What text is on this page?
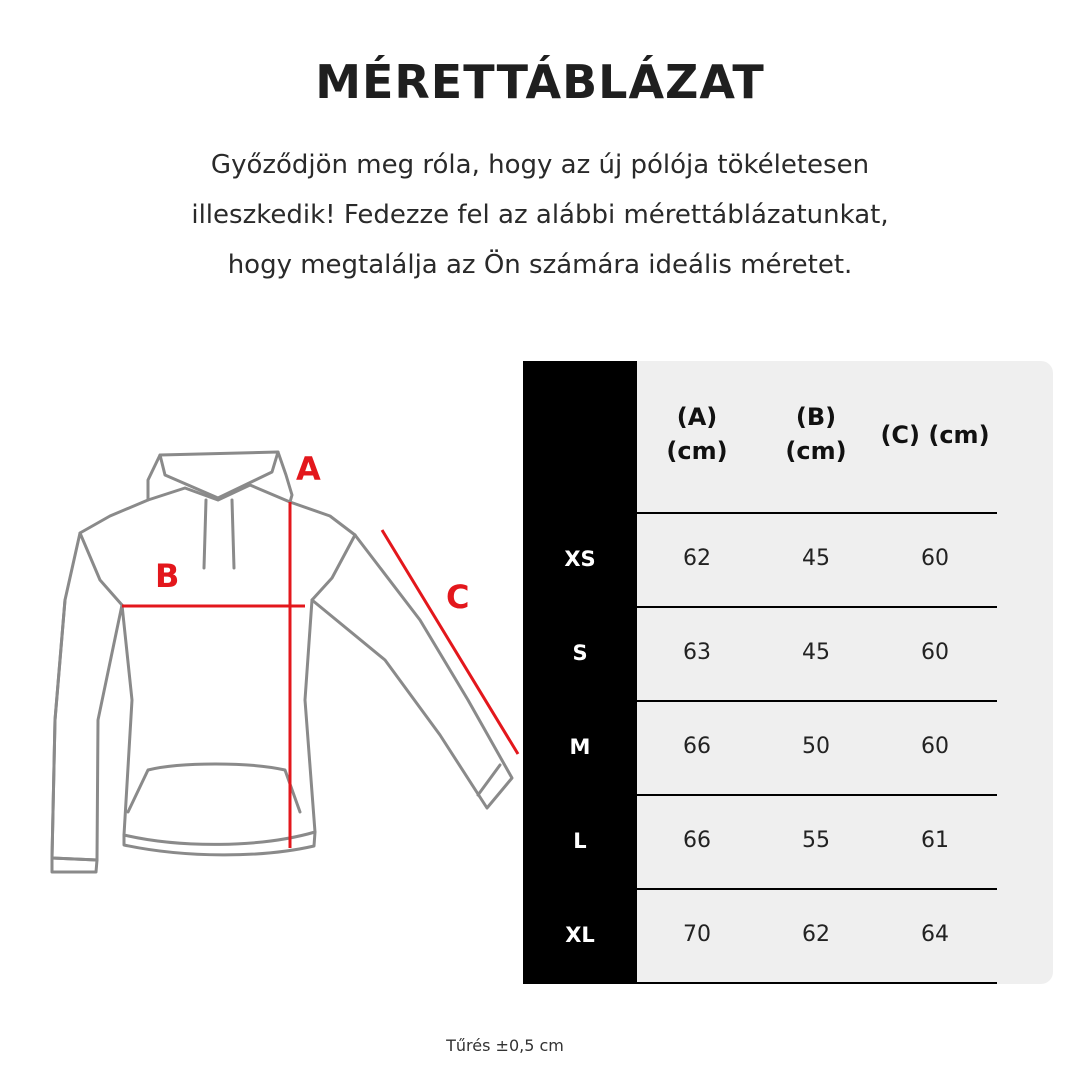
MÉRETTÁBLÁZAT
Győződjön meg róla, hogy az új pólója tökéletesen
illeszkedik! Fedezze fel az alábbi mérettáblázatunkat,
hogy megtalálja az Ön számára ideális méretet.
A
B
C
(A)
(cm)
(B)
(cm)
(C) (cm)
XS	62	45	60
S	63	45	60
M	66	50	60
L	66	55	61
XL	70	62	64
Tűrés ±0,5 cm
